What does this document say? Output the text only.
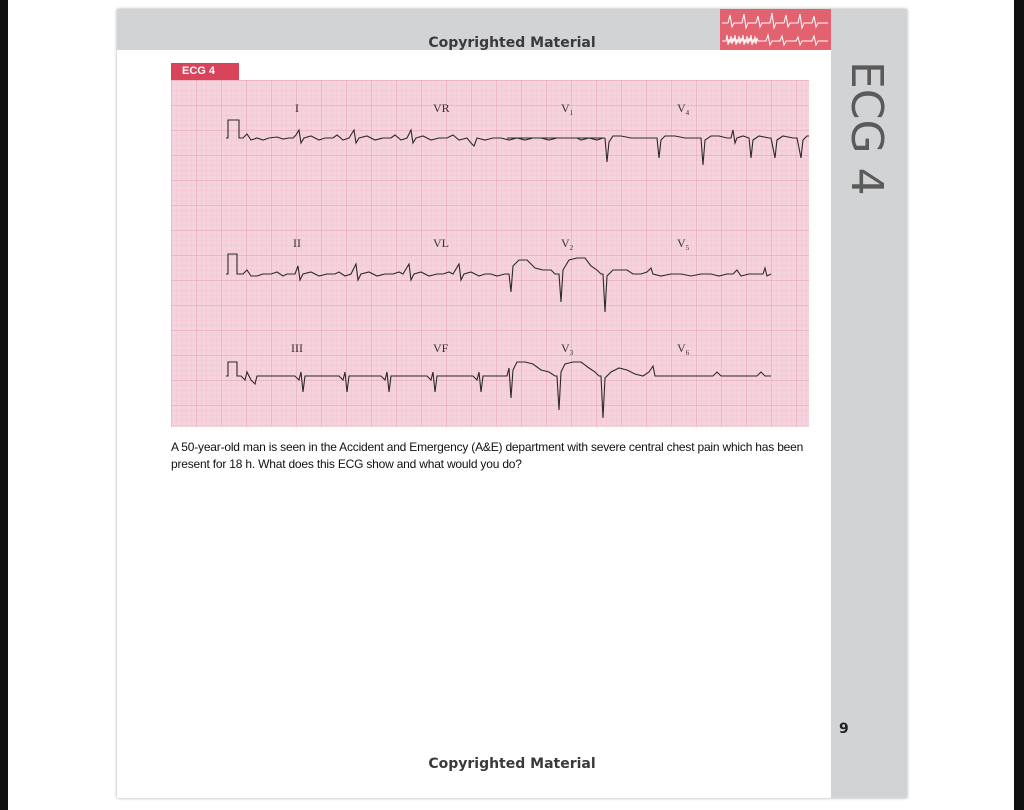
Copyrighted Material
ECG 4
I	VR	$V_1$	$V_4$
II	VL	$V_2$	$V_5$
III	VF	$V_3$	$V_6$
ECG 4
A 50-year-old man is seen in the Accident and Emergency (A&E) department with severe central chest pain which has been present for 18 h. What does this ECG show and what would you do?
9
Copyrighted Material
